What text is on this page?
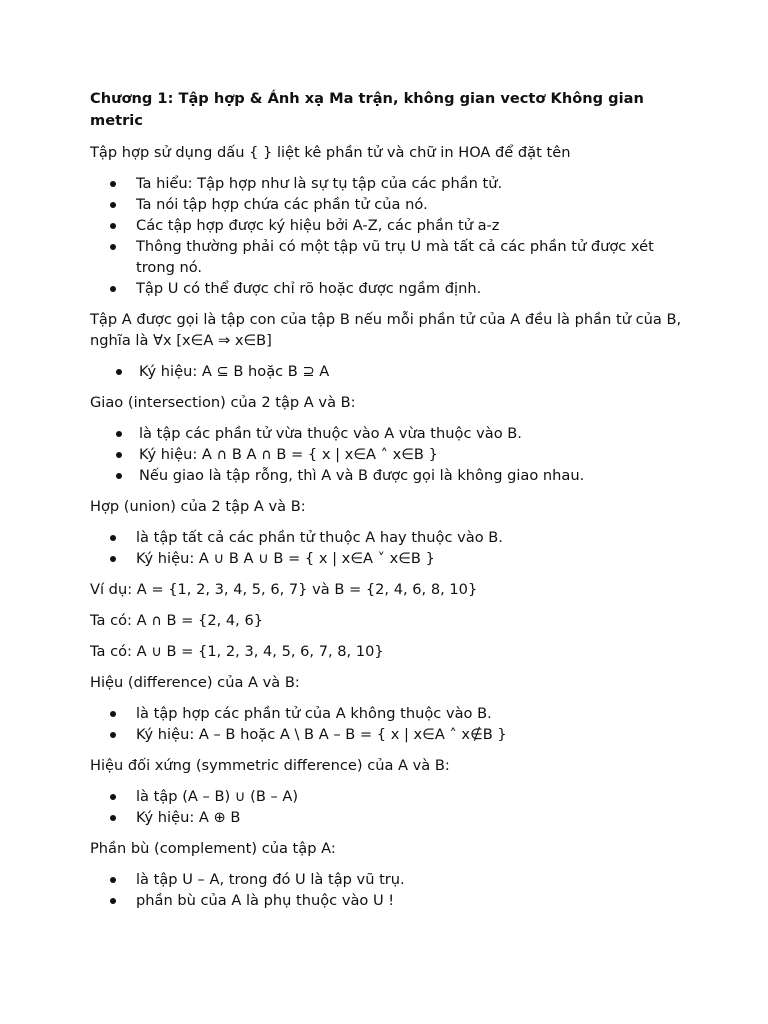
Chương 1: Tập hợp & Ánh xạ Ma trận, không gian vectơ Không gian metric
Tập hợp sử dụng dấu { } liệt kê phần tử và chữ in HOA để đặt tên
Ta hiểu: Tập hợp như là sự tụ tập của các phần tử.
Ta nói tập hợp chứa các phần tử của nó.
Các tập hợp được ký hiệu bởi A-Z, các phần tử a-z
Thông thường phải có một tập vũ trụ U mà tất cả các phần tử được xét trong nó.
Tập U có thể được chỉ rõ hoặc được ngầm định.
Tập A được gọi là tập con của tập B nếu mỗi phần tử của A đều là phần tử của B, nghĩa là ∀x [x∈A ⇒ x∈B]
Ký hiệu: A ⊆ B hoặc B ⊇ A
Giao (intersection) của 2 tập A và B:
là tập các phần tử vừa thuộc vào A vừa thuộc vào B.
Ký hiệu: A ∩ B A ∩ B = { x | x∈A ˄ x∈B }
Nếu giao là tập rỗng, thì A và B được gọi là không giao nhau.
Hợp (union) của 2 tập A và B:
là tập tất cả các phần tử thuộc A hay thuộc vào B.
Ký hiệu: A ∪ B A ∪ B = { x | x∈A ˅ x∈B }
Ví dụ: A = {1, 2, 3, 4, 5, 6, 7} và B = {2, 4, 6, 8, 10}
Ta có: A ∩ B = {2, 4, 6}
Ta có: A ∪ B = {1, 2, 3, 4, 5, 6, 7, 8, 10}
Hiệu (difference) của A và B:
là tập hợp các phần tử của A không thuộc vào B.
Ký hiệu: A – B hoặc A \ B A – B = { x | x∈A ˄ x∉B }
Hiệu đối xứng (symmetric difference) của A và B:
là tập (A – B) ∪ (B – A)
Ký hiệu: A ⊕ B
Phần bù (complement) của tập A:
là tập U – A, trong đó U là tập vũ trụ.
phần bù của A là phụ thuộc vào U !
